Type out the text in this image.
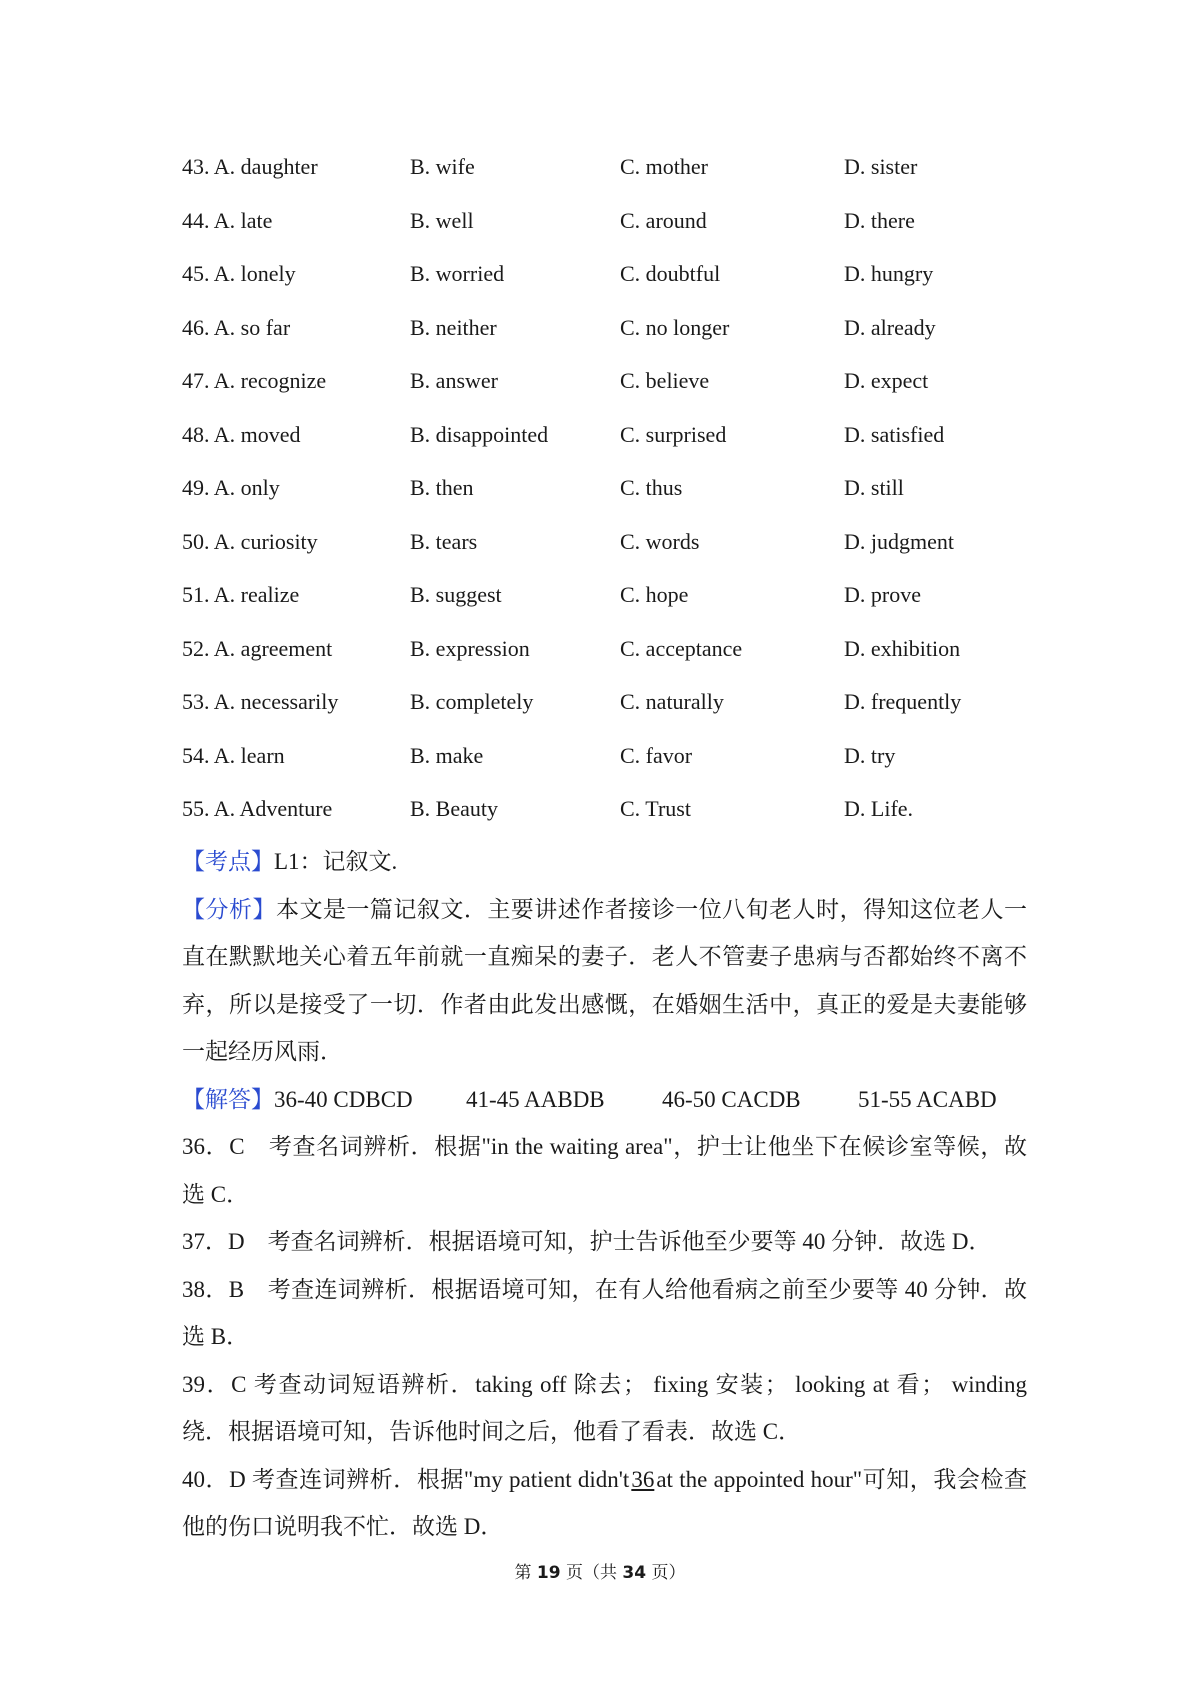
43. A. daughter	B. wife	C. mother	D. sister
44. A. late	B. well	C. around	D. there
45. A. lonely	B. worried	C. doubtful	D. hungry
46. A. so far	B. neither	C. no longer	D. already
47. A. recognize	B. answer	C. believe	D. expect
48. A. moved	B. disappointed	C. surprised	D. satisfied
49. A. only	B. then	C. thus	D. still
50. A. curiosity	B. tears	C. words	D. judgment
51. A. realize	B. suggest	C. hope	D. prove
52. A. agreement	B. expression	C. acceptance	D. exhibition
53. A. necessarily	B. completely	C. naturally	D. frequently
54. A. learn	B. make	C. favor	D. try
55. A. Adventure	B. Beauty	C. Trust	D. Life.

【考点】L1：记叙文.

【分析】本文是一篇记叙文．主要讲述作者接诊一位八旬老人时，得知这位老人一直在默默地关心着五年前就一直痴呆的妻子．老人不管妻子患病与否都始终不离不弃，所以是接受了一切．作者由此发出感慨，在婚姻生活中，真正的爱是夫妻能够一起经历风雨．

【解答】36-40 CDBCD 41-45 AABDB 46-50 CACDB 51-55 ACABD

36．C　考查名词辨析．根据"in the waiting area"，护士让他坐下在候诊室等候，故选 C．

37．D　考查名词辨析．根据语境可知，护士告诉他至少要等 40 分钟．故选 D．

38．B　考查连词辨析．根据语境可知，在有人给他看病之前至少要等 40 分钟．故选 B．

39．C 考查动词短语辨析．taking off 除去； fixing 安装； looking at 看； winding 绕．根据语境可知，告诉他时间之后，他看了看表．故选 C．

40．D 考查连词辨析．根据"my patient didn't36at the appointed hour"可知，我会检查他的伤口说明我不忙．故选 D．

第 19 页（共 34 页）
